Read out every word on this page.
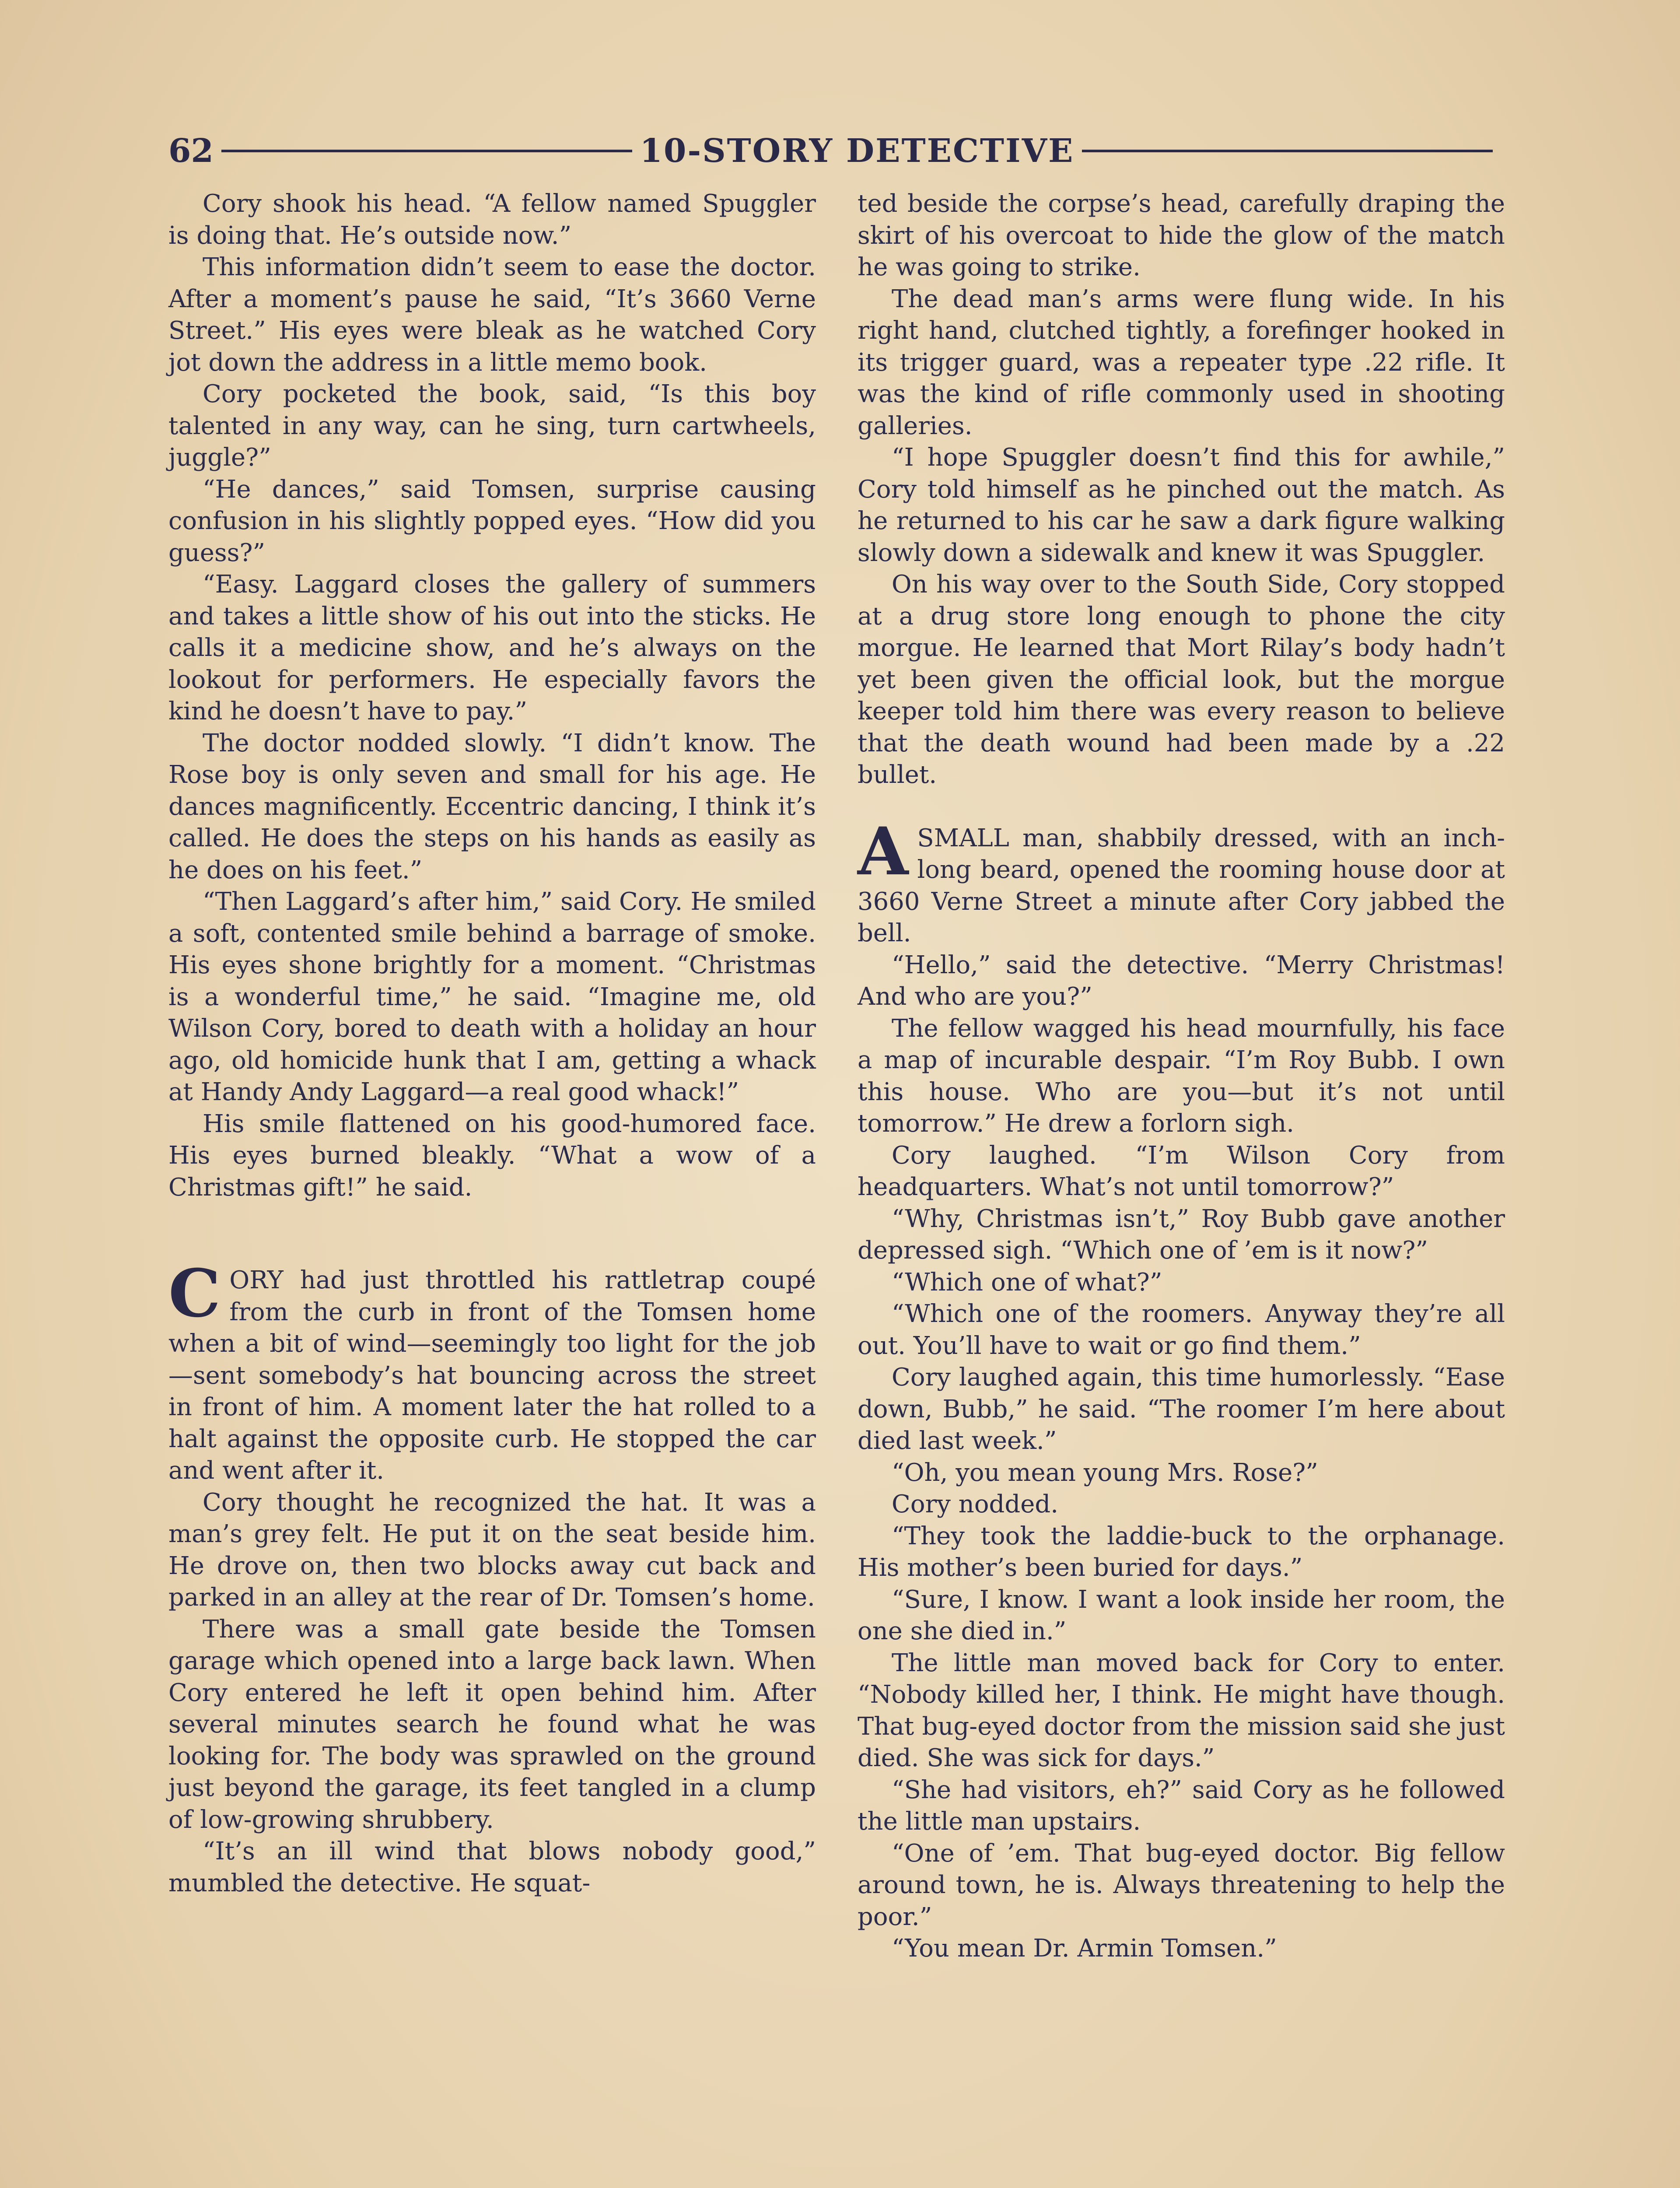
62	10-STORY DETECTIVE

Cory shook his head. “A fellow named Spuggler is doing that. He’s outside now.”

This information didn’t seem to ease the doctor. After a moment’s pause he said, “It’s 3660 Verne Street.” His eyes were bleak as he watched Cory jot down the address in a little memo book.

Cory pocketed the book, said, “Is this boy talented in any way, can he sing, turn cartwheels, juggle?”

“He dances,” said Tomsen, surprise causing confusion in his slightly popped eyes. “How did you guess?”

“Easy. Laggard closes the gallery of summers and takes a little show of his out into the sticks. He calls it a medicine show, and he’s always on the lookout for performers. He especially favors the kind he doesn’t have to pay.”

The doctor nodded slowly. “I didn’t know. The Rose boy is only seven and small for his age. He dances magnificently. Eccentric dancing, I think it’s called. He does the steps on his hands as easily as he does on his feet.”

“Then Laggard’s after him,” said Cory. He smiled a soft, contented smile behind a barrage of smoke. His eyes shone brightly for a moment. “Christmas is a wonderful time,” he said. “Imagine me, old Wilson Cory, bored to death with a holiday an hour ago, old homicide hunk that I am, getting a whack at Handy Andy Laggard—a real good whack!”

His smile flattened on his good-humored face. His eyes burned bleakly. “What a wow of a Christmas gift!” he said.

CORY had just throttled his rattletrap coupé from the curb in front of the Tomsen home when a bit of wind—seemingly too light for the job—sent somebody’s hat bouncing across the street in front of him. A moment later the hat rolled to a halt against the opposite curb. He stopped the car and went after it.

Cory thought he recognized the hat. It was a man’s grey felt. He put it on the seat beside him. He drove on, then two blocks away cut back and parked in an alley at the rear of Dr. Tomsen’s home.

There was a small gate beside the Tomsen garage which opened into a large back lawn. When Cory entered he left it open behind him. After several minutes search he found what he was looking for. The body was sprawled on the ground just beyond the garage, its feet tangled in a clump of low-growing shrubbery.

“It’s an ill wind that blows nobody good,” mumbled the detective. He squat-

ted beside the corpse’s head, carefully draping the skirt of his overcoat to hide the glow of the match he was going to strike.

The dead man’s arms were flung wide. In his right hand, clutched tightly, a forefinger hooked in its trigger guard, was a repeater type .22 rifle. It was the kind of rifle commonly used in shooting galleries.

“I hope Spuggler doesn’t find this for awhile,” Cory told himself as he pinched out the match. As he returned to his car he saw a dark figure walking slowly down a sidewalk and knew it was Spuggler.

On his way over to the South Side, Cory stopped at a drug store long enough to phone the city morgue. He learned that Mort Rilay’s body hadn’t yet been given the official look, but the morgue keeper told him there was every reason to believe that the death wound had been made by a .22 bullet.

ASMALL man, shabbily dressed, with an inch-long beard, opened the rooming house door at 3660 Verne Street a minute after Cory jabbed the bell.

“Hello,” said the detective. “Merry Christmas! And who are you?”

The fellow wagged his head mournfully, his face a map of incurable despair. “I’m Roy Bubb. I own this house. Who are you—but it’s not until tomorrow.” He drew a forlorn sigh.

Cory laughed. “I’m Wilson Cory from headquarters. What’s not until tomorrow?”

“Why, Christmas isn’t,” Roy Bubb gave another depressed sigh. “Which one of ’em is it now?”

“Which one of what?”

“Which one of the roomers. Anyway they’re all out. You’ll have to wait or go find them.”

Cory laughed again, this time humorlessly. “Ease down, Bubb,” he said. “The roomer I’m here about died last week.”

“Oh, you mean young Mrs. Rose?”

Cory nodded.

“They took the laddie-buck to the orphanage. His mother’s been buried for days.”

“Sure, I know. I want a look inside her room, the one she died in.”

The little man moved back for Cory to enter. “Nobody killed her, I think. He might have though. That bug-eyed doctor from the mission said she just died. She was sick for days.”

“She had visitors, eh?” said Cory as he followed the little man upstairs.

“One of ’em. That bug-eyed doctor. Big fellow around town, he is. Always threatening to help the poor.”

“You mean Dr. Armin Tomsen.”
